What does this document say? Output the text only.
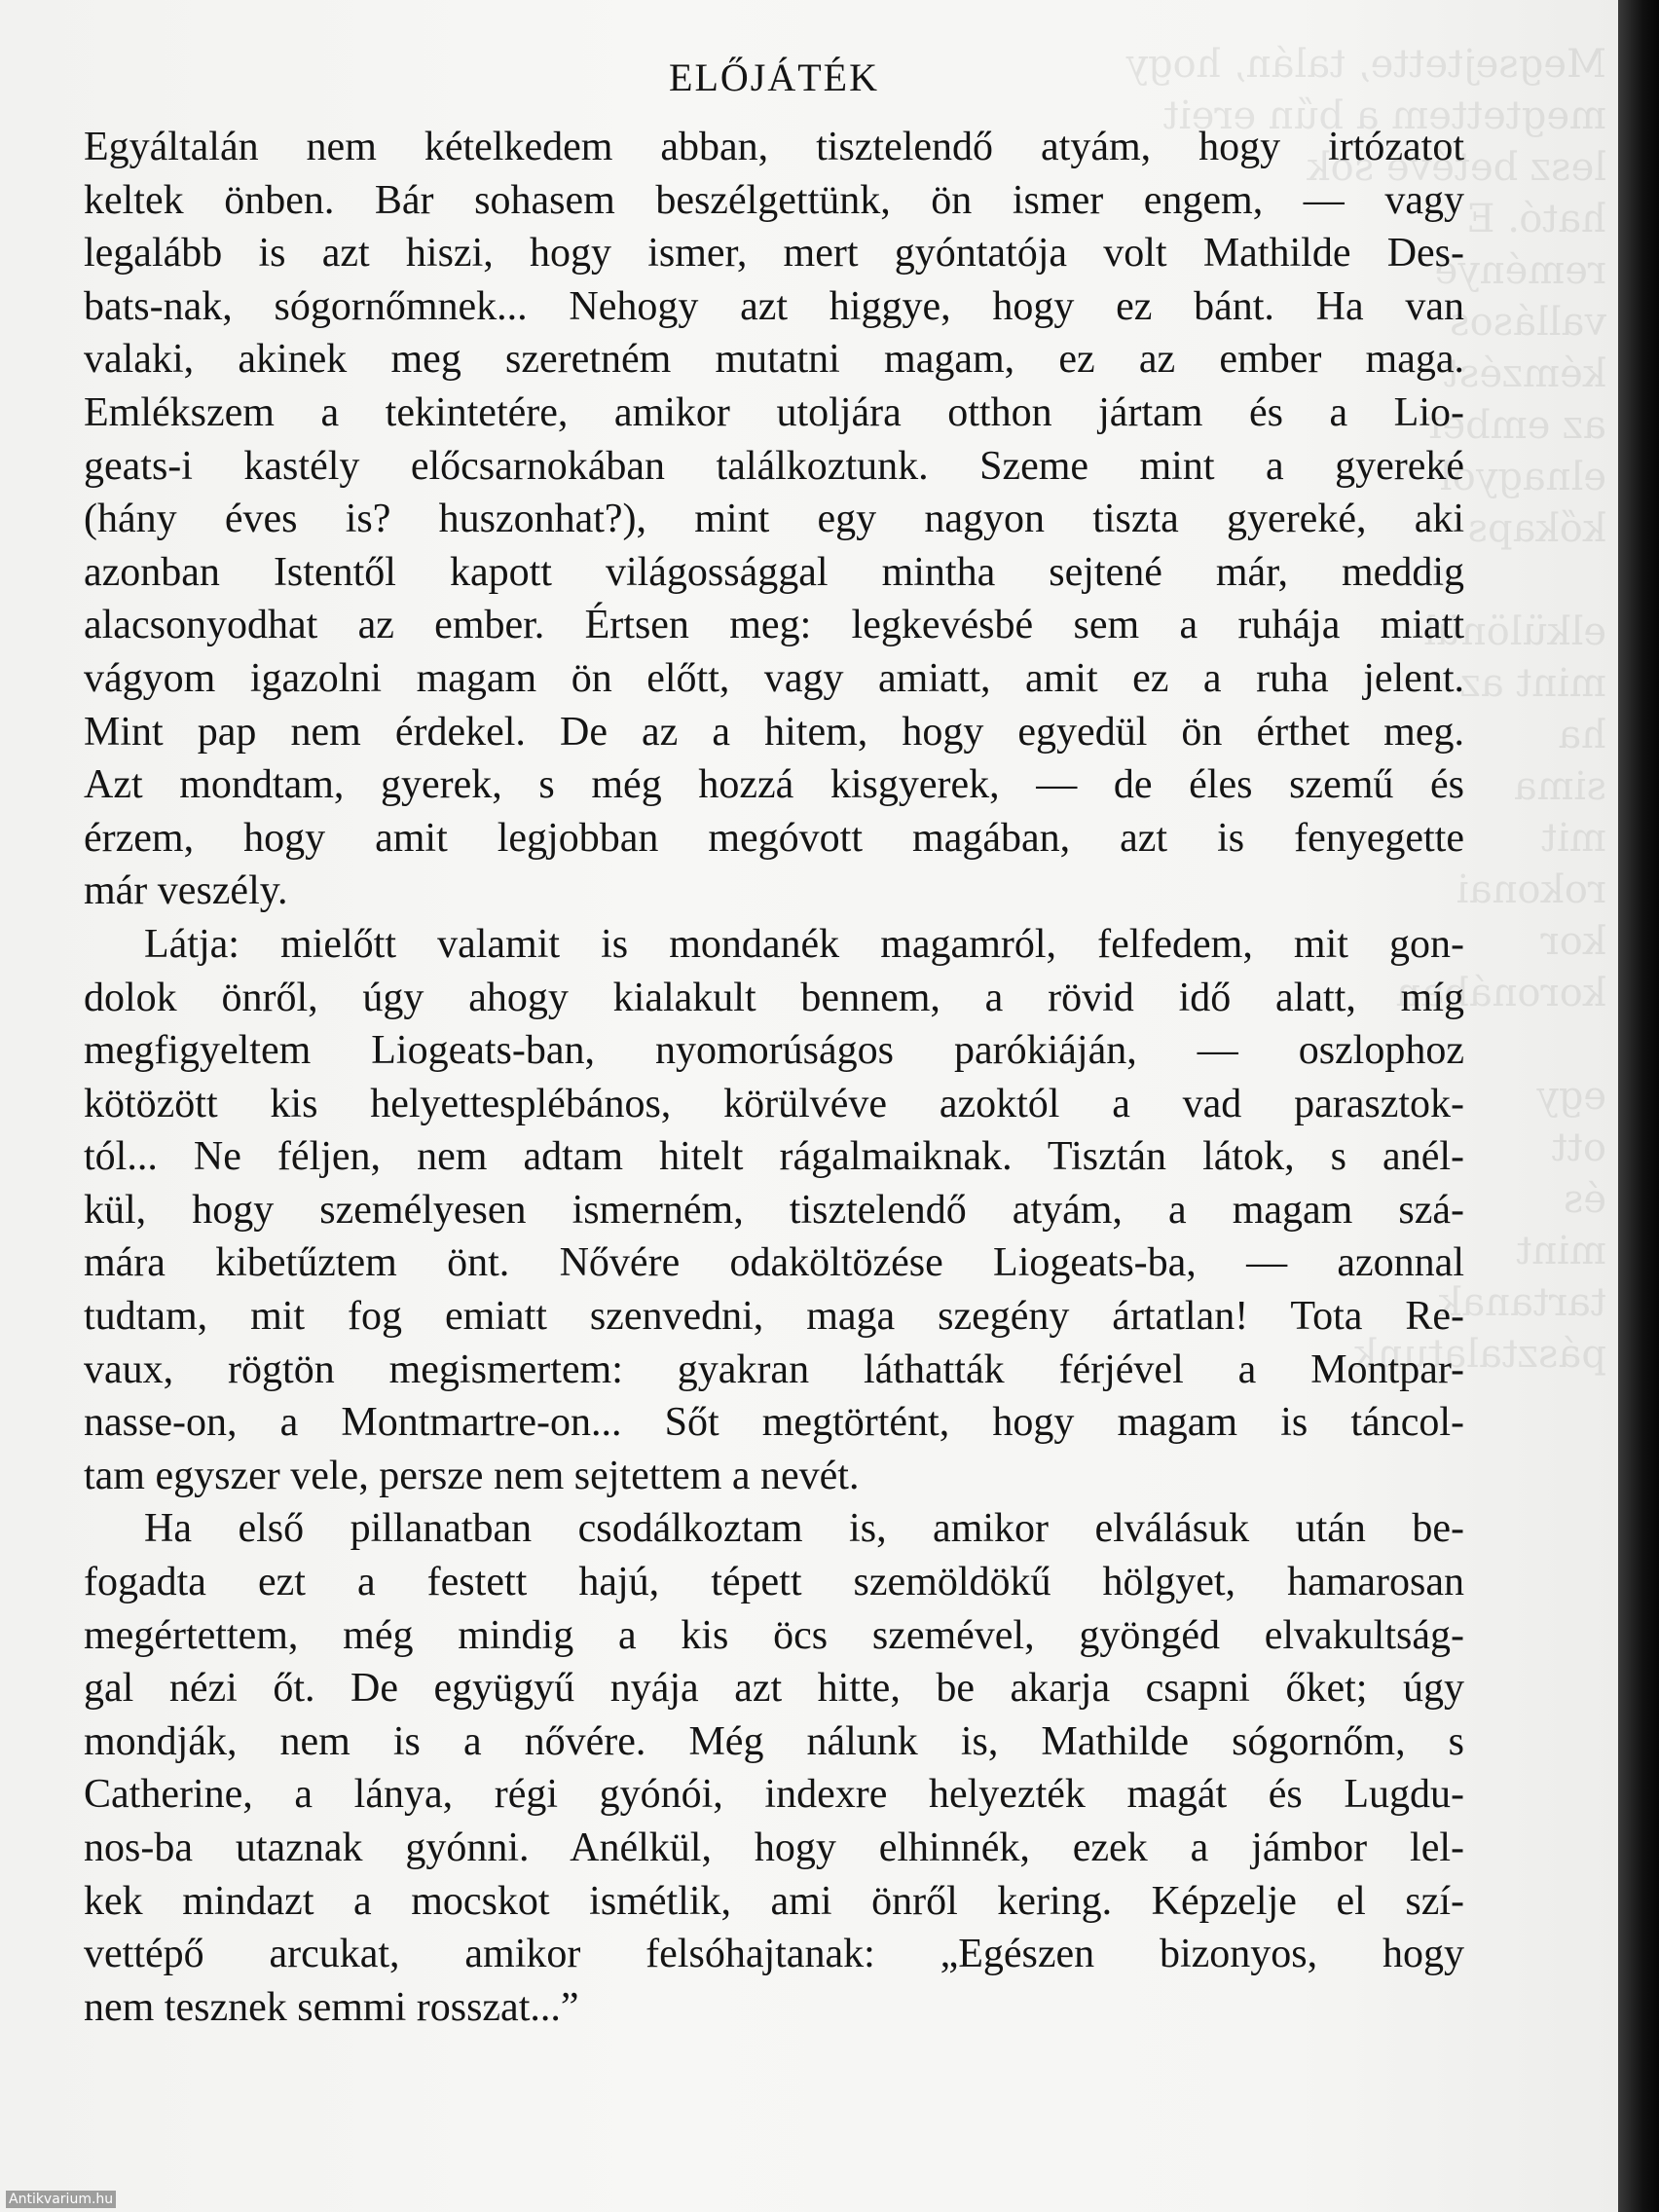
Megsejtette, talán, hogy
megtettem a bűn ereit
lesz betéve sok
ható. E
reménye
vallásos
kémzést
az ember
elnagyol
kőkaps

elkülönül
mint az
ha
sima
mit
rokonai
kor
koronában

egy
ott
és
mint
tartanak
pásztalatunk
ELŐJÁTÉK
Egyáltalán nem kételkedem abban, tisztelendő atyám, hogy irtózatot
keltek önben. Bár sohasem beszélgettünk, ön ismer engem, — vagy
legalább is azt hiszi, hogy ismer, mert gyóntatója volt Mathilde Des-
bats-nak, sógornőmnek... Nehogy azt higgye, hogy ez bánt. Ha van
valaki, akinek meg szeretném mutatni magam, ez az ember maga.
Emlékszem a tekintetére, amikor utoljára otthon jártam és a Lio-
geats-i kastély előcsarnokában találkoztunk. Szeme mint a gyereké
(hány éves is? huszonhat?), mint egy nagyon tiszta gyereké, aki
azonban Istentől kapott világossággal mintha sejtené már, meddig
alacsonyodhat az ember. Értsen meg: legkevésbé sem a ruhája miatt
vágyom igazolni magam ön előtt, vagy amiatt, amit ez a ruha jelent.
Mint pap nem érdekel. De az a hitem, hogy egyedül ön érthet meg.
Azt mondtam, gyerek, s még hozzá kisgyerek, — de éles szemű és
érzem, hogy amit legjobban megóvott magában, azt is fenyegette
már veszély.
Látja: mielőtt valamit is mondanék magamról, felfedem, mit gon-
dolok önről, úgy ahogy kialakult bennem, a rövid idő alatt, míg
megfigyeltem Liogeats-ban, nyomorúságos parókiáján, — oszlophoz
kötözött kis helyettesplébános, körülvéve azoktól a vad parasztok-
tól... Ne féljen, nem adtam hitelt rágalmaiknak. Tisztán látok, s anél-
kül, hogy személyesen ismerném, tisztelendő atyám, a magam szá-
mára kibetűztem önt. Nővére odaköltözése Liogeats-ba, — azonnal
tudtam, mit fog emiatt szenvedni, maga szegény ártatlan! Tota Re-
vaux, rögtön megismertem: gyakran láthatták férjével a Montpar-
nasse-on, a Montmartre-on... Sőt megtörtént, hogy magam is táncol-
tam egyszer vele, persze nem sejtettem a nevét.
Ha első pillanatban csodálkoztam is, amikor elválásuk után be-
fogadta ezt a festett hajú, tépett szemöldökű hölgyet, hamarosan
megértettem, még mindig a kis öcs szemével, gyöngéd elvakultság-
gal nézi őt. De együgyű nyája azt hitte, be akarja csapni őket; úgy
mondják, nem is a nővére. Még nálunk is, Mathilde sógornőm, s
Catherine, a lánya, régi gyónói, indexre helyezték magát és Lugdu-
nos-ba utaznak gyónni. Anélkül, hogy elhinnék, ezek a jámbor lel-
kek mindazt a mocskot ismétlik, ami önről kering. Képzelje el szí-
vettépő arcukat, amikor felsóhajtanak: „Egészen bizonyos, hogy
nem tesznek semmi rosszat...”
Antikvarium.hu
